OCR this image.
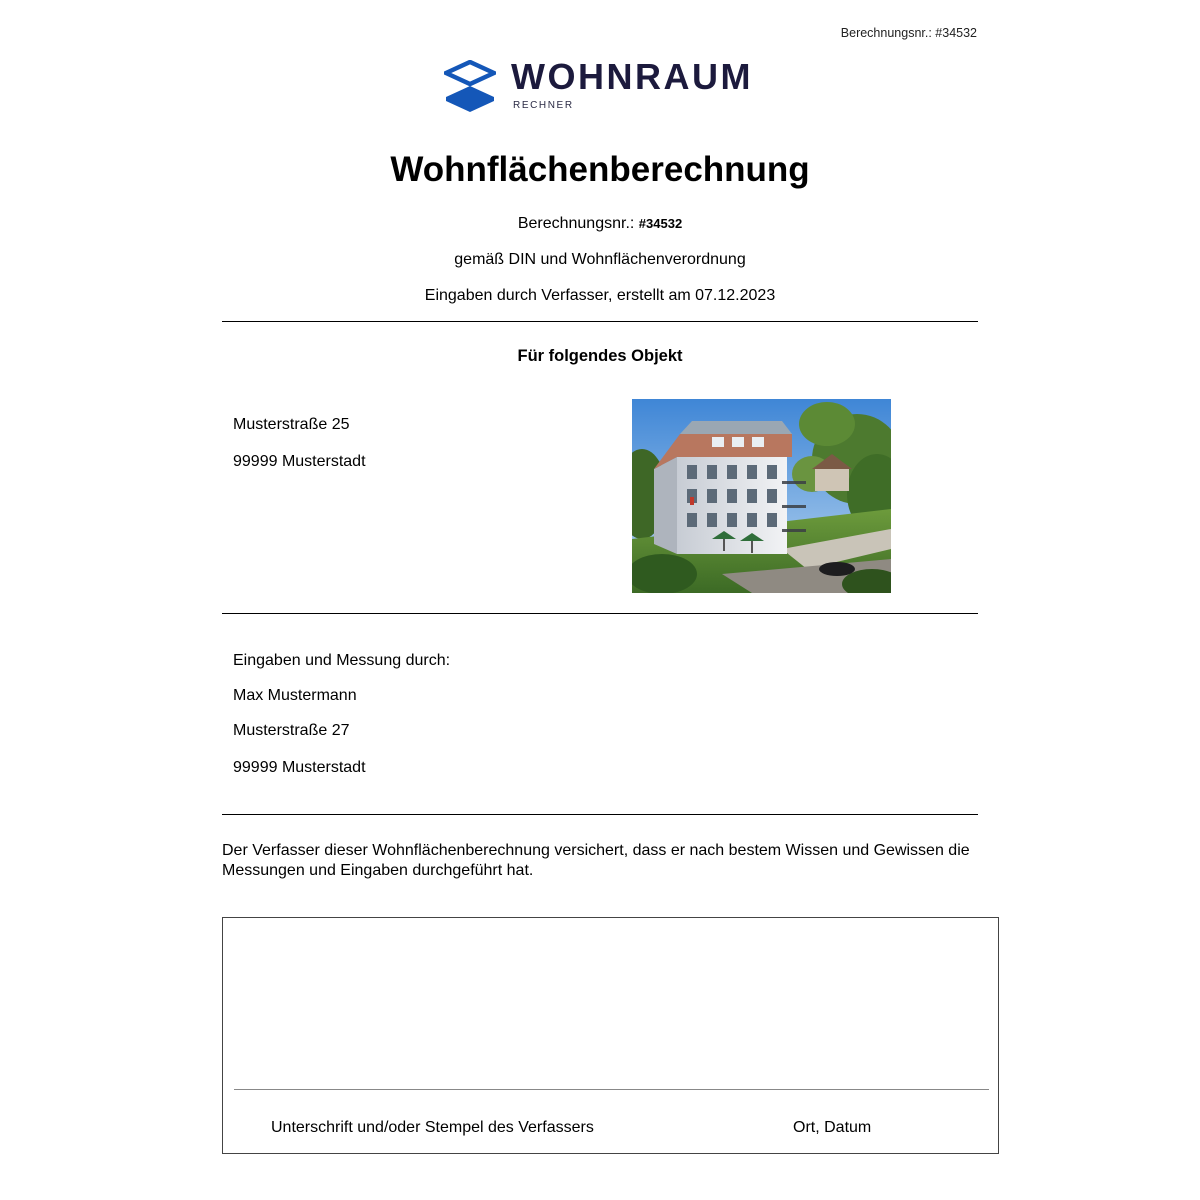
Berechnungsnr.: #34532
WOHNRAUM
RECHNER
Wohnflächenberechnung
Berechnungsnr.: #34532
gemäß DIN und Wohnflächenverordnung
Eingaben durch Verfasser, erstellt am 07.12.2023
Für folgendes Objekt
Musterstraße 25
99999 Musterstadt
Eingaben und Messung durch:
Max Mustermann
Musterstraße 27
99999 Musterstadt
Der Verfasser dieser Wohnflächenberechnung versichert, dass er nach bestem Wissen und Gewissen die Messungen und Eingaben durchgeführt hat.
Unterschrift und/oder Stempel des Verfassers	Ort, Datum
